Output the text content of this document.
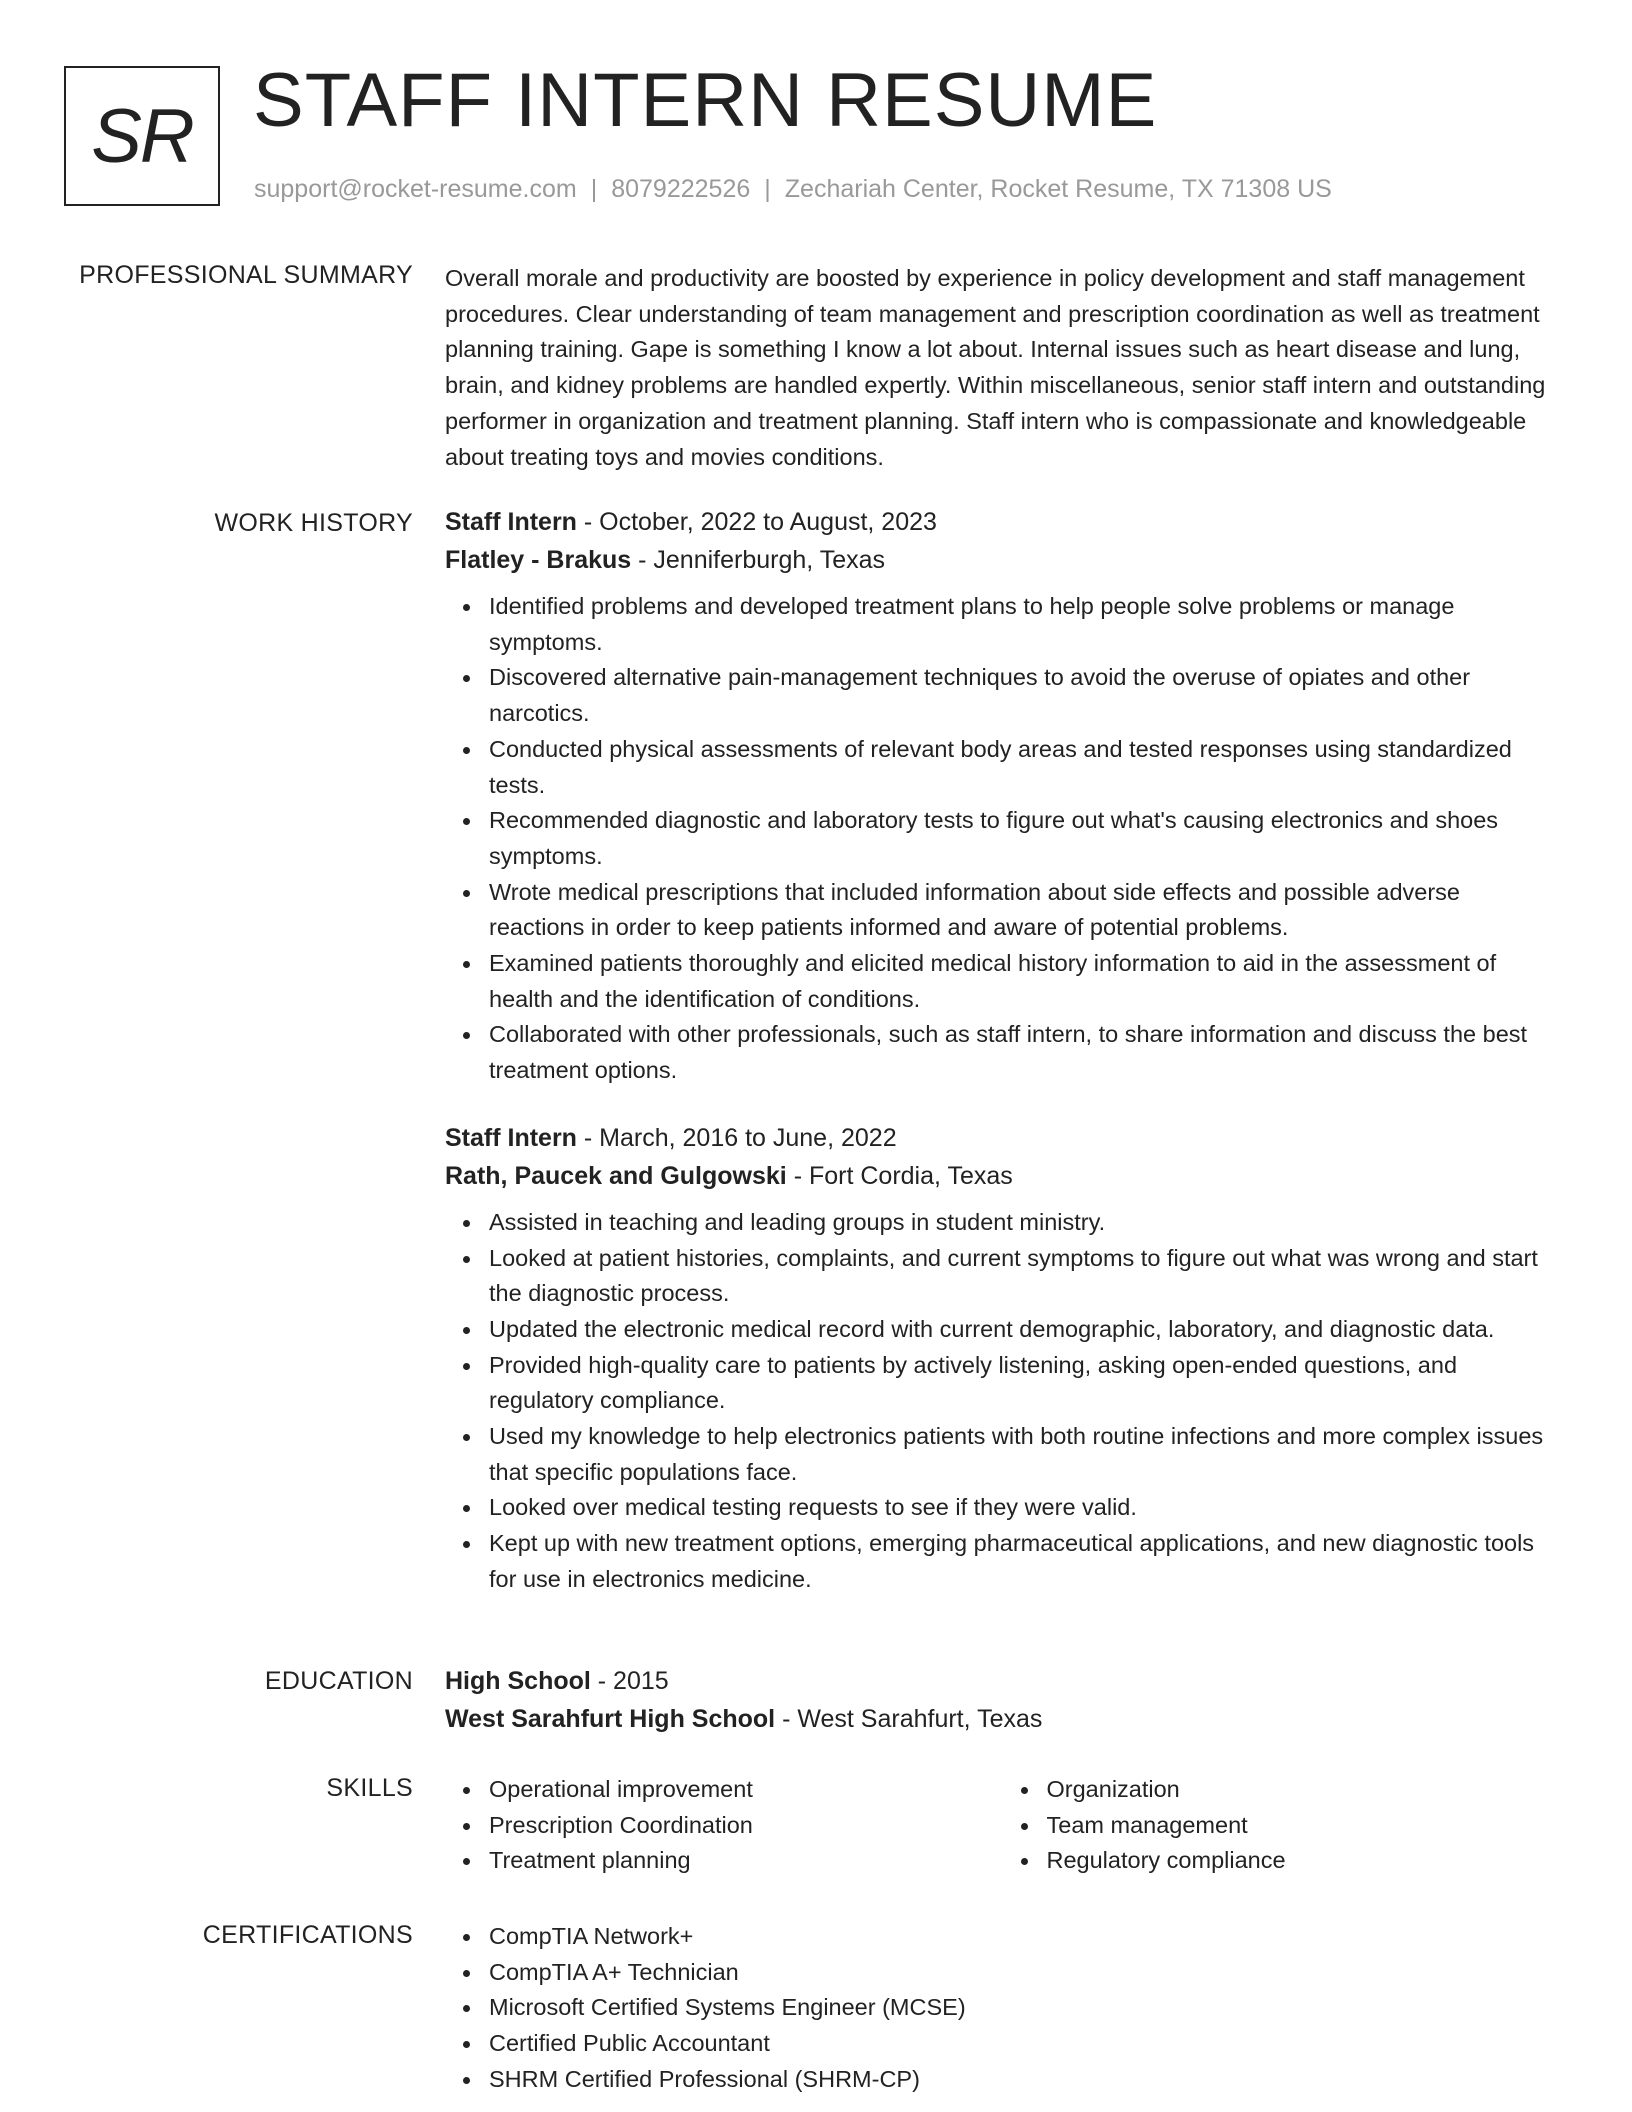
SR STAFF INTERN RESUME
support@rocket-resume.com | 8079222526 | Zechariah Center, Rocket Resume, TX 71308 US
PROFESSIONAL SUMMARY Overall morale and productivity are boosted by experience in policy development and staff management procedures. Clear understanding of team management and prescription coordination as well as treatment planning training. Gape is something I know a lot about. Internal issues such as heart disease and lung, brain, and kidney problems are handled expertly. Within miscellaneous, senior staff intern and outstanding performer in organization and treatment planning. Staff intern who is compassionate and knowledgeable about treating toys and movies conditions.

WORK HISTORY Staff Intern - October, 2022 to August, 2023
Flatley - Brakus - Jenniferburgh, Texas
Identified problems and developed treatment plans to help people solve problems or manage symptoms.
Discovered alternative pain-management techniques to avoid the overuse of opiates and other narcotics.
Conducted physical assessments of relevant body areas and tested responses using standardized tests.
Recommended diagnostic and laboratory tests to figure out what's causing electronics and shoes symptoms.
Wrote medical prescriptions that included information about side effects and possible adverse reactions in order to keep patients informed and aware of potential problems.
Examined patients thoroughly and elicited medical history information to aid in the assessment of health and the identification of conditions.
Collaborated with other professionals, such as staff intern, to share information and discuss the best treatment options.
Staff Intern - March, 2016 to June, 2022
Rath, Paucek and Gulgowski - Fort Cordia, Texas
Assisted in teaching and leading groups in student ministry.
Looked at patient histories, complaints, and current symptoms to figure out what was wrong and start the diagnostic process.
Updated the electronic medical record with current demographic, laboratory, and diagnostic data.
Provided high-quality care to patients by actively listening, asking open-ended questions, and regulatory compliance.
Used my knowledge to help electronics patients with both routine infections and more complex issues that specific populations face.
Looked over medical testing requests to see if they were valid.
Kept up with new treatment options, emerging pharmaceutical applications, and new diagnostic tools for use in electronics medicine.
EDUCATION High School - 2015
West Sarahfurt High School - West Sarahfurt, Texas
SKILLS	Operational improvement
Prescription Coordination
Treatment planning
Organization
Team management
Regulatory compliance
CERTIFICATIONS	CompTIA Network+
CompTIA A+ Technician
Microsoft Certified Systems Engineer (MCSE)
Certified Public Accountant
SHRM Certified Professional (SHRM-CP)
